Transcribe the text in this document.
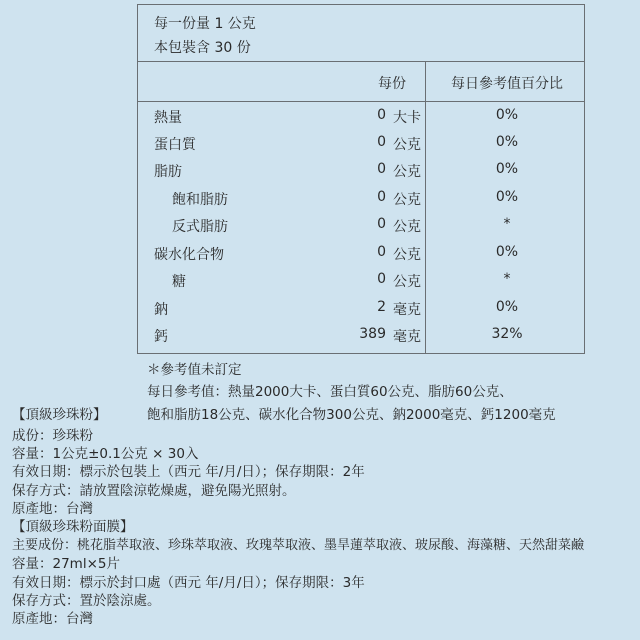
每一份量 1 公克
本包裝含 30 份
每份	每日參考值百分比
熱量	0 大卡	0%
蛋白質	0 公克	0%
脂肪	0 公克	0%
飽和脂肪	0 公克	0%
反式脂肪	0 公克	*
碳水化合物	0 公克	0%
糖	0 公克	*
鈉	2 毫克	0%
鈣	389 毫克	32%
＊參考值未訂定
每日參考值：熱量2000大卡、蛋白質60公克、脂肪60公克、
飽和脂肪18公克、碳水化合物300公克、鈉2000毫克、鈣1200毫克
【頂級珍珠粉】
成份：珍珠粉
容量：1公克±0.1公克 × 30入
有效日期：標示於包裝上（西元 年/月/日）；保存期限：2年
保存方式：請放置陰涼乾燥處，避免陽光照射。
原產地：台灣
【頂級珍珠粉面膜】
主要成份：桃花脂萃取液、珍珠萃取液、玫瑰萃取液、墨旱蓮萃取液、玻尿酸、海藻糖、天然甜菜鹼
容量：27ml×5片
有效日期：標示於封口處（西元 年/月/日）；保存期限：3年
保存方式：置於陰涼處。
原產地：台灣
